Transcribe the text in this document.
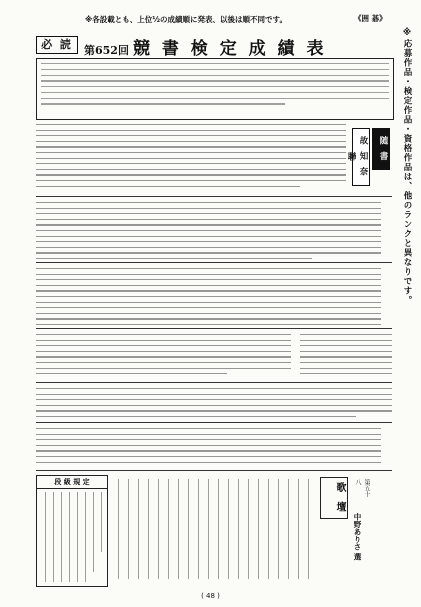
※各設載とも、上位½の成績順に発表、以後は順不同です。	《囲 碁》
必 読	第652回 競 書 検 定 成 績 表	※応募作品・検定作品・資格作品は、他のランクと異なりです。
故 知 奈 聯	随 書
段 級 規 定	歌 壇	第五十八
中野ありさ 選
( 48 )
